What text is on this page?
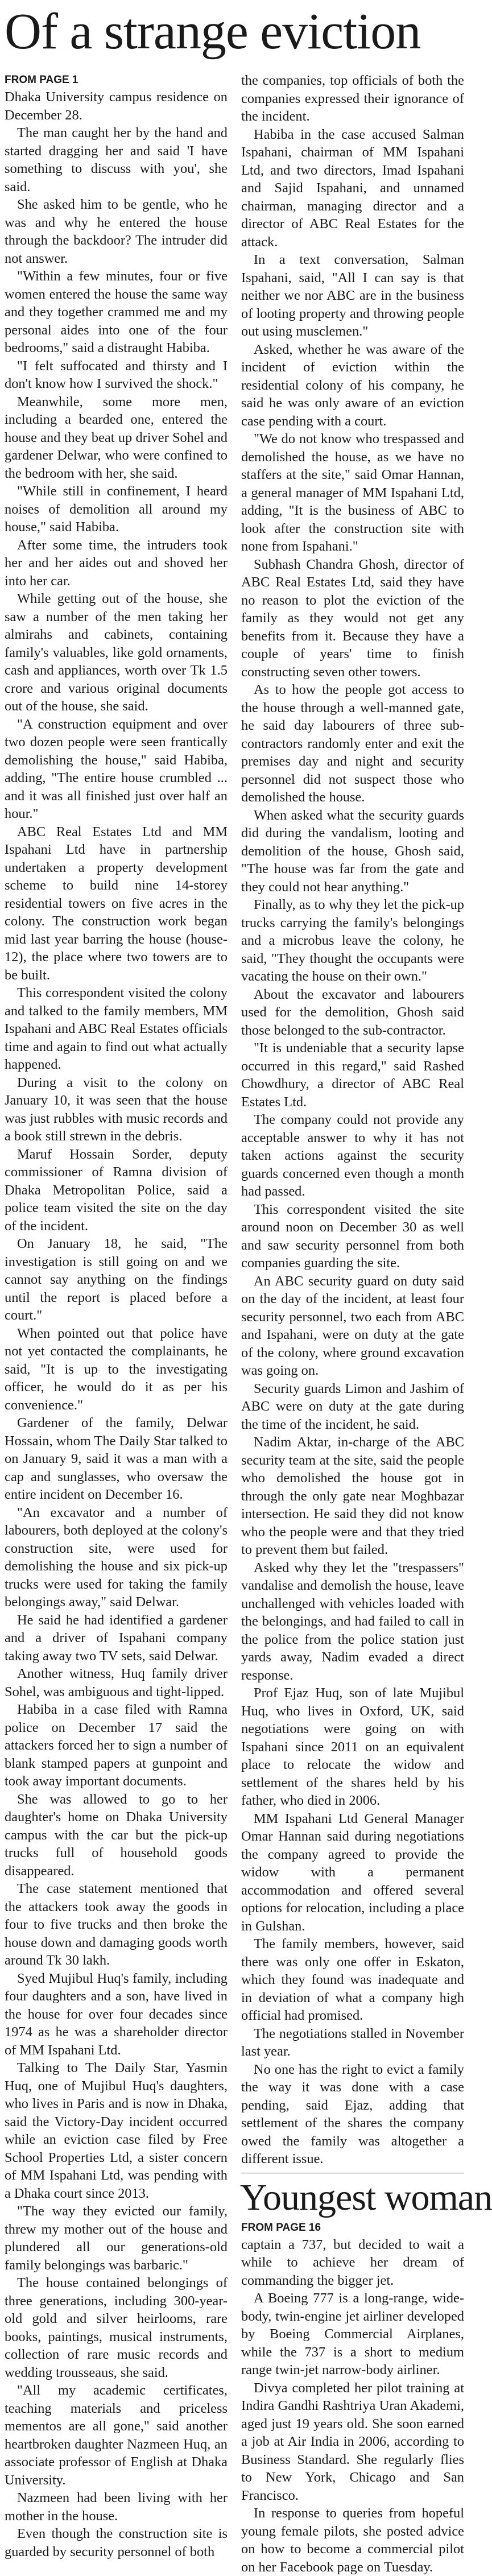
Of a strange eviction
FROM PAGE 1

Dhaka University campus residence on December 28.

The man caught her by the hand and started dragging her and said 'I have something to discuss with you', she said.

She asked him to be gentle, who he was and why he entered the house through the backdoor? The intruder did not answer.

"Within a few minutes, four or five women entered the house the same way and they together crammed me and my personal aides into one of the four bedrooms," said a distraught Habiba.

"I felt suffocated and thirsty and I don't know how I survived the shock."

Meanwhile, some more men, including a bearded one, entered the house and they beat up driver Sohel and gardener Delwar, who were confined to the bedroom with her, she said.

"While still in confinement, I heard noises of demolition all around my house," said Habiba.

After some time, the intruders took her and her aides out and shoved her into her car.

While getting out of the house, she saw a number of the men taking her almirahs and cabinets, containing family's valuables, like gold ornaments, cash and appliances, worth over Tk 1.5 crore and various original documents out of the house, she said.

"A construction equipment and over two dozen people were seen frantically demolishing the house," said Habiba, adding, "The entire house crumbled ... and it was all finished just over half an hour."

ABC Real Estates Ltd and MM Ispahani Ltd have in partnership undertaken a property development scheme to build nine 14-storey residential towers on five acres in the colony. The construction work began mid last year barring the house (house-12), the place where two towers are to be built.

This correspondent visited the colony and talked to the family members, MM Ispahani and ABC Real Estates officials time and again to find out what actually happened.

During a visit to the colony on January 10, it was seen that the house was just rubbles with music records and a book still strewn in the debris.

Maruf Hossain Sorder, deputy commissioner of Ramna division of Dhaka Metropolitan Police, said a police team visited the site on the day of the incident.

On January 18, he said, "The investigation is still going on and we cannot say anything on the findings until the report is placed before a court."

When pointed out that police have not yet contacted the complainants, he said, "It is up to the investigating officer, he would do it as per his convenience."

Gardener of the family, Delwar Hossain, whom The Daily Star talked to on January 9, said it was a man with a cap and sunglasses, who oversaw the entire incident on December 16.

"An excavator and a number of labourers, both deployed at the colony's construction site, were used for demolishing the house and six pick-up trucks were used for taking the family belongings away," said Delwar.

He said he had identified a gardener and a driver of Ispahani company taking away two TV sets, said Delwar.

Another witness, Huq family driver Sohel, was ambiguous and tight-lipped.

Habiba in a case filed with Ramna police on December 17 said the attackers forced her to sign a number of blank stamped papers at gunpoint and took away important documents.

She was allowed to go to her daughter's home on Dhaka University campus with the car but the pick-up trucks full of household goods disappeared.

The case statement mentioned that the attackers took away the goods in four to five trucks and then broke the house down and damaging goods worth around Tk 30 lakh.

Syed Mujibul Huq's family, including four daughters and a son, have lived in the house for over four decades since 1974 as he was a shareholder director of MM Ispahani Ltd.

Talking to The Daily Star, Yasmin Huq, one of Mujibul Huq's daughters, who lives in Paris and is now in Dhaka, said the Victory-Day incident occurred while an eviction case filed by Free School Properties Ltd, a sister concern of MM Ispahani Ltd, was pending with a Dhaka court since 2013.

"The way they evicted our family, threw my mother out of the house and plundered all our generations-old family belongings was barbaric."

The house contained belongings of three generations, including 300-year-old gold and silver heirlooms, rare books, paintings, musical instruments, collection of rare music records and wedding trousseaus, she said.

"All my academic certificates, teaching materials and priceless mementos are all gone," said another heartbroken daughter Nazmeen Huq, an associate professor of English at Dhaka University.

Nazmeen had been living with her mother in the house.

Even though the construction site is guarded by security personnel of both

the companies, top officials of both the companies expressed their ignorance of the incident.

Habiba in the case accused Salman Ispahani, chairman of MM Ispahani Ltd, and two directors, Imad Ispahani and Sajid Ispahani, and unnamed chairman, managing director and a director of ABC Real Estates for the attack.

In a text conversation, Salman Ispahani, said, "All I can say is that neither we nor ABC are in the business of looting property and throwing people out using musclemen."

Asked, whether he was aware of the incident of eviction within the residential colony of his company, he said he was only aware of an eviction case pending with a court.

"We do not know who trespassed and demolished the house, as we have no staffers at the site," said Omar Hannan, a general manager of MM Ispahani Ltd, adding, "It is the business of ABC to look after the construction site with none from Ispahani."

Subhash Chandra Ghosh, director of ABC Real Estates Ltd, said they have no reason to plot the eviction of the family as they would not get any benefits from it. Because they have a couple of years' time to finish constructing seven other towers.

As to how the people got access to the house through a well-manned gate, he said day labourers of three sub-contractors randomly enter and exit the premises day and night and security personnel did not suspect those who demolished the house.

When asked what the security guards did during the vandalism, looting and demolition of the house, Ghosh said, "The house was far from the gate and they could not hear anything."

Finally, as to why they let the pick-up trucks carrying the family's belongings and a microbus leave the colony, he said, "They thought the occupants were vacating the house on their own."

About the excavator and labourers used for the demolition, Ghosh said those belonged to the sub-contractor.

"It is undeniable that a security lapse occurred in this regard," said Rashed Chowdhury, a director of ABC Real Estates Ltd.

The company could not provide any acceptable answer to why it has not taken actions against the security guards concerned even though a month had passed.

This correspondent visited the site around noon on December 30 as well and saw security personnel from both companies guarding the site.

An ABC security guard on duty said on the day of the incident, at least four security personnel, two each from ABC and Ispahani, were on duty at the gate of the colony, where ground excavation was going on.

Security guards Limon and Jashim of ABC were on duty at the gate during the time of the incident, he said.

Nadim Aktar, in-charge of the ABC security team at the site, said the people who demolished the house got in through the only gate near Moghbazar intersection. He said they did not know who the people were and that they tried to prevent them but failed.

Asked why they let the "trespassers" vandalise and demolish the house, leave unchallenged with vehicles loaded with the belongings, and had failed to call in the police from the police station just yards away, Nadim evaded a direct response.

Prof Ejaz Huq, son of late Mujibul Huq, who lives in Oxford, UK, said negotiations were going on with Ispahani since 2011 on an equivalent place to relocate the widow and settlement of the shares held by his father, who died in 2006.

MM Ispahani Ltd General Manager Omar Hannan said during negotiations the company agreed to provide the widow with a permanent accommodation and offered several options for relocation, including a place in Gulshan.

The family members, however, said there was only one offer in Eskaton, which they found was inadequate and in deviation of what a company high official had promised.

The negotiations stalled in November last year.

No one has the right to evict a family the way it was done with a case pending, said Ejaz, adding that settlement of the shares the company owed the family was altogether a different issue.

Youngest woman
FROM PAGE 16

captain a 737, but decided to wait a while to achieve her dream of commanding the bigger jet.

A Boeing 777 is a long-range, wide-body, twin-engine jet airliner developed by Boeing Commercial Airplanes, while the 737 is a short to medium range twin-jet narrow-body airliner.

Divya completed her pilot training at Indira Gandhi Rashtriya Uran Akademi, aged just 19 years old. She soon earned a job at Air India in 2006, according to Business Standard. She regularly flies to New York, Chicago and San Francisco.

In response to queries from hopeful young female pilots, she posted advice on how to become a commercial pilot on her Facebook page on Tuesday.
